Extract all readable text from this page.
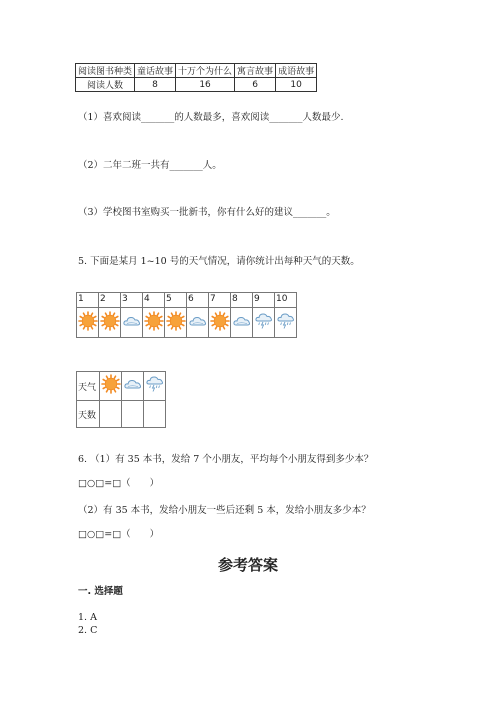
阅读图书种类	童话故事	十万个为什么	寓言故事	成语故事
阅读人数	8	16	6	10
（1）喜欢阅读_______的人数最多，喜欢阅读_______人数最少.
（2）二年二班一共有_______人。
（3）学校图书室购买一批新书，你有什么好的建议_______。
5. 下面是某月 1~10 号的天气情况，请你统计出每种天气的天数。
1	2	3	4	5	6	7	8	9	10

天气			
天数			
6. （1）有 35 本书，发给 7 个小朋友，平均每个小朋友得到多少本？
□○□=□（　　）
（2）有 35 本书，发给小朋友一些后还剩 5 本，发给小朋友多少本？
□○□=□（　　）
参考答案
一. 选择题
1. A
2. C
